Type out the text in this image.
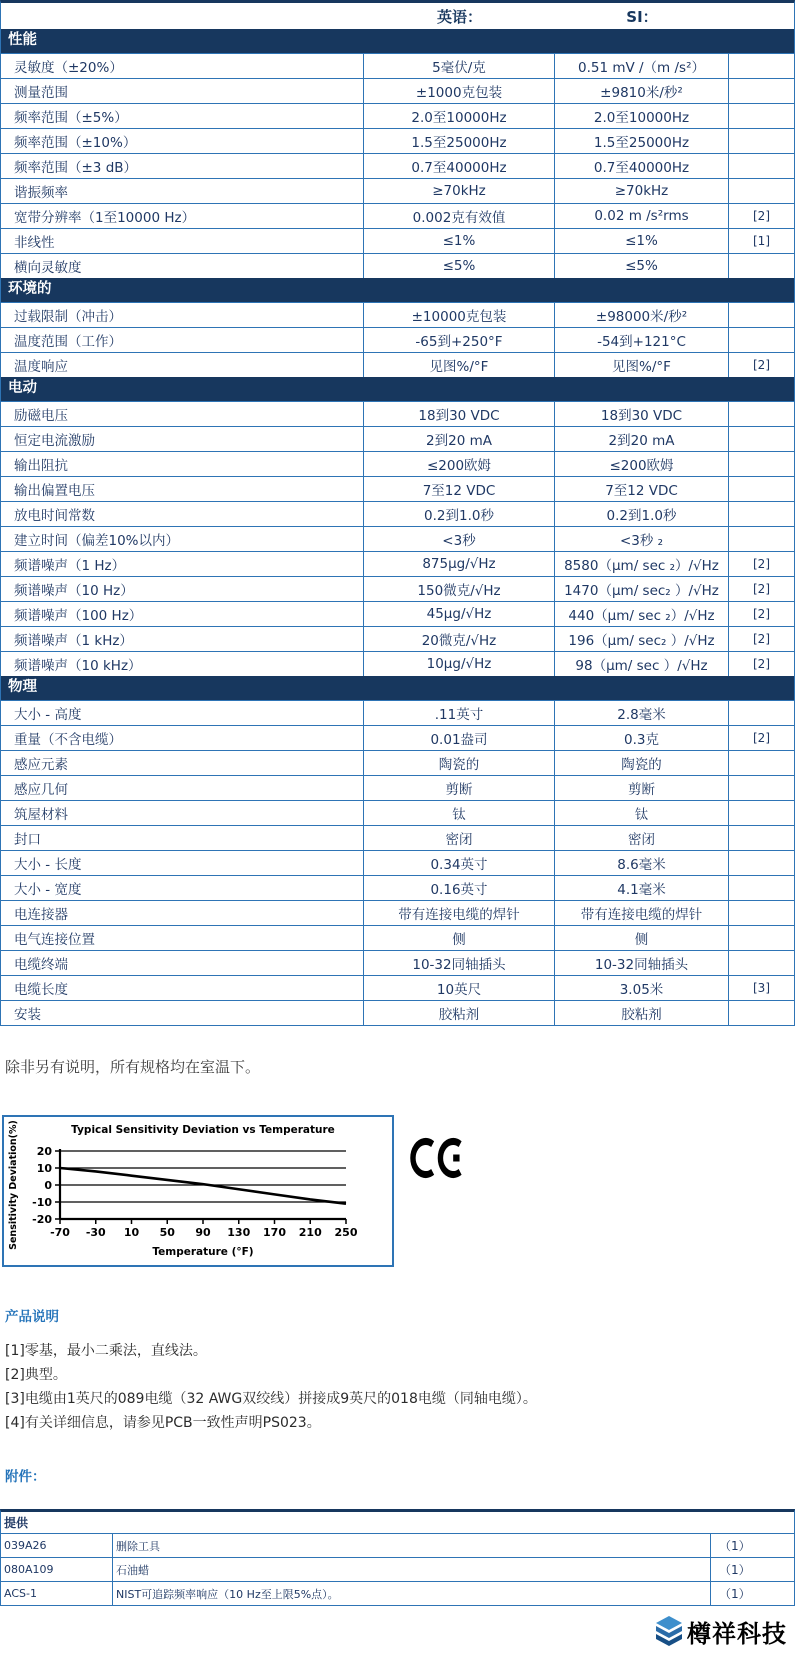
英语：	SI：
性能
灵敏度（±20%）	5毫伏/克	0.51 mV /（m /s²）
测量范围	±1000克包装	±9810米/秒²
频率范围（±5%）	2.0至10000Hz	2.0至10000Hz
频率范围（±10%）	1.5至25000Hz	1.5至25000Hz
频率范围（±3 dB）	0.7至40000Hz	0.7至40000Hz
谐振频率	≥70kHz	≥70kHz
宽带分辨率（1至10000 Hz）	0.002克有效值	0.02 m /s²rms	[2]
非线性	≤1%	≤1%	[1]
横向灵敏度	≤5%	≤5%
环境的
过载限制（冲击）	±10000克包装	±98000米/秒²
温度范围（工作）	-65到+250°F	-54到+121°C
温度响应	见图%/°F	见图%/°F	[2]
电动
励磁电压	18到30 VDC	18到30 VDC
恒定电流激励	2到20 mA	2到20 mA
输出阻抗	≤200欧姆	≤200欧姆
输出偏置电压	7至12 VDC	7至12 VDC
放电时间常数	0.2到1.0秒	0.2到1.0秒
建立时间（偏差10%以内）	<3秒	<3秒 ₂
频谱噪声（1 Hz）	875μg/√Hz	8580（μm/ sec ₂）/√Hz	[2]
频谱噪声（10 Hz）	150微克/√Hz	1470（μm/ sec₂ ）/√Hz	[2]
频谱噪声（100 Hz）	45μg/√Hz	440（μm/ sec ₂）/√Hz	[2]
频谱噪声（1 kHz）	20微克/√Hz	196（μm/ sec₂ ）/√Hz	[2]
频谱噪声（10 kHz）	10μg/√Hz	98（μm/ sec ）/√Hz	[2]
物理
大小 - 高度	.11英寸	2.8毫米
重量（不含电缆）	0.01盎司	0.3克	[2]
感应元素	陶瓷的	陶瓷的
感应几何	剪断	剪断
筑屋材料	钛	钛
封口	密闭	密闭
大小 - 长度	0.34英寸	8.6毫米
大小 - 宽度	0.16英寸	4.1毫米
电连接器	带有连接电缆的焊针	带有连接电缆的焊针
电气连接位置	侧	侧
电缆终端	10-32同轴插头	10-32同轴插头
电缆长度	10英尺	3.05米	[3]
安装	胶粘剂	胶粘剂
除非另有说明，所有规格均在室温下。
20
10
0
-10
-20
-70 -30 10 50 90 130 170 210 250
Typical Sensitivity Deviation vs Temperature
Temperature (°F)
Sensitivity Deviation(%)
产品说明
[1]零基，最小二乘法，直线法。
[2]典型。
[3]电缆由1英尺的089电缆（32 AWG双绞线）拼接成9英尺的018电缆（同轴电缆）。
[4]有关详细信息，请参见PCB一致性声明PS023。
附件：
提供
039A26	删除工具	（1）
080A109	石油蜡	（1）
ACS-1	NIST可追踪频率响应（10 Hz至上限5%点）。	（1）
樽祥科技
